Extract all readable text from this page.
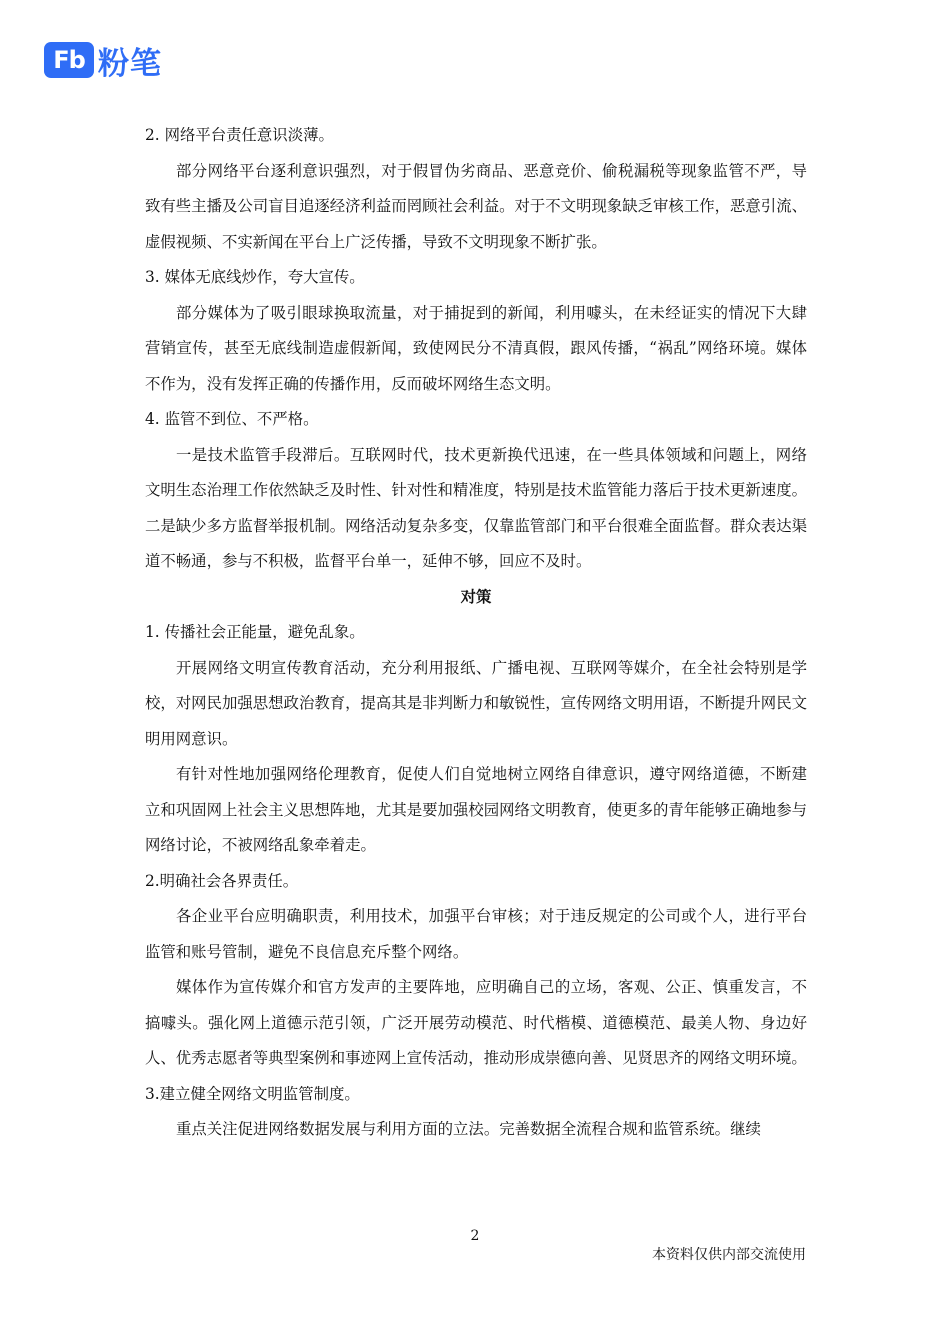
Fb 粉笔

2. 网络平台责任意识淡薄。

部分网络平台逐利意识强烈，对于假冒伪劣商品、恶意竞价、偷税漏税等现象监管不严，导致有些主播及公司盲目追逐经济利益而罔顾社会利益。对于不文明现象缺乏审核工作，恶意引流、虚假视频、不实新闻在平台上广泛传播，导致不文明现象不断扩张。

3. 媒体无底线炒作，夸大宣传。

部分媒体为了吸引眼球换取流量，对于捕捉到的新闻，利用噱头，在未经证实的情况下大肆营销宣传，甚至无底线制造虚假新闻，致使网民分不清真假，跟风传播，“祸乱”网络环境。媒体不作为，没有发挥正确的传播作用，反而破坏网络生态文明。

4. 监管不到位、不严格。

一是技术监管手段滞后。互联网时代，技术更新换代迅速，在一些具体领域和问题上，网络文明生态治理工作依然缺乏及时性、针对性和精准度，特别是技术监管能力落后于技术更新速度。二是缺少多方监督举报机制。网络活动复杂多变，仅靠监管部门和平台很难全面监督。群众表达渠道不畅通，参与不积极，监督平台单一，延伸不够，回应不及时。

对策

1. 传播社会正能量，避免乱象。

开展网络文明宣传教育活动，充分利用报纸、广播电视、互联网等媒介，在全社会特别是学校，对网民加强思想政治教育，提高其是非判断力和敏锐性，宣传网络文明用语，不断提升网民文明用网意识。

有针对性地加强网络伦理教育，促使人们自觉地树立网络自律意识，遵守网络道德，不断建立和巩固网上社会主义思想阵地，尤其是要加强校园网络文明教育，使更多的青年能够正确地参与网络讨论，不被网络乱象牵着走。

2.明确社会各界责任。

各企业平台应明确职责，利用技术，加强平台审核；对于违反规定的公司或个人，进行平台监管和账号管制，避免不良信息充斥整个网络。

媒体作为宣传媒介和官方发声的主要阵地，应明确自己的立场，客观、公正、慎重发言，不搞噱头。强化网上道德示范引领，广泛开展劳动模范、时代楷模、道德模范、最美人物、身边好人、优秀志愿者等典型案例和事迹网上宣传活动，推动形成崇德向善、见贤思齐的网络文明环境。

3.建立健全网络文明监管制度。

重点关注促进网络数据发展与利用方面的立法。完善数据全流程合规和监管系统。继续

2
本资料仅供内部交流使用
